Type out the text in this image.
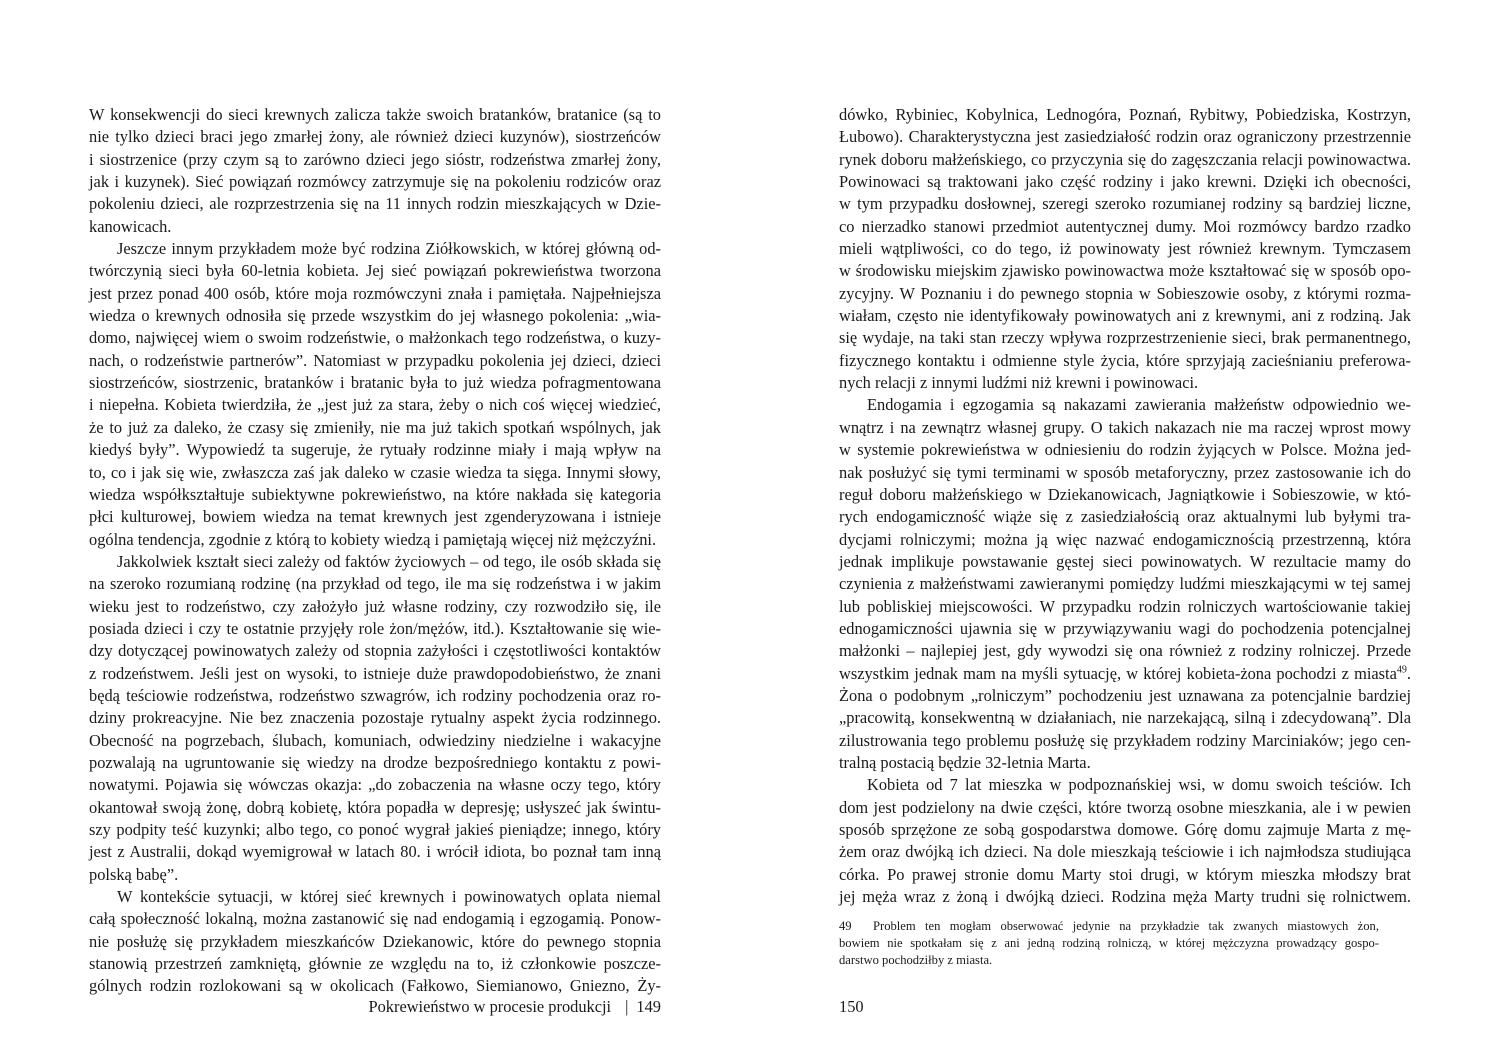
W konsekwencji do sieci krewnych zalicza także swoich bratanków, bratanice (są to
nie tylko dzieci braci jego zmarłej żony, ale również dzieci kuzynów), siostrzeńców
i siostrzenice (przy czym są to zarówno dzieci jego sióstr, rodzeństwa zmarłej żony,
jak i kuzynek). Sieć powiązań rozmówcy zatrzymuje się na pokoleniu rodziców oraz
pokoleniu dzieci, ale rozprzestrzenia się na 11 innych rodzin mieszkających w Dzie-
kanowicach.
Jeszcze innym przykładem może być rodzina Ziółkowskich, w której główną od-
twórczynią sieci była 60-letnia kobieta. Jej sieć powiązań pokrewieństwa tworzona
jest przez ponad 400 osób, które moja rozmówczyni znała i pamiętała. Najpełniejsza
wiedza o krewnych odnosiła się przede wszystkim do jej własnego pokolenia: „wia-
domo, najwięcej wiem o swoim rodzeństwie, o małżonkach tego rodzeństwa, o kuzy-
nach, o rodzeństwie partnerów”. Natomiast w przypadku pokolenia jej dzieci, dzieci
siostrzeńców, siostrzenic, bratanków i bratanic była to już wiedza pofragmentowana
i niepełna. Kobieta twierdziła, że „jest już za stara, żeby o nich coś więcej wiedzieć,
że to już za daleko, że czasy się zmieniły, nie ma już takich spotkań wspólnych, jak
kiedyś były”. Wypowiedź ta sugeruje, że rytuały rodzinne miały i mają wpływ na
to, co i jak się wie, zwłaszcza zaś jak daleko w czasie wiedza ta sięga. Innymi słowy,
wiedza współkształtuje subiektywne pokrewieństwo, na które nakłada się kategoria
płci kulturowej, bowiem wiedza na temat krewnych jest zgenderyzowana i istnieje
ogólna tendencja, zgodnie z którą to kobiety wiedzą i pamiętają więcej niż mężczyźni.
Jakkolwiek kształt sieci zależy od faktów życiowych – od tego, ile osób składa się
na szeroko rozumianą rodzinę (na przykład od tego, ile ma się rodzeństwa i w jakim
wieku jest to rodzeństwo, czy założyło już własne rodziny, czy rozwodziło się, ile
posiada dzieci i czy te ostatnie przyjęły role żon/mężów, itd.). Kształtowanie się wie-
dzy dotyczącej powinowatych zależy od stopnia zażyłości i częstotliwości kontaktów
z rodzeństwem. Jeśli jest on wysoki, to istnieje duże prawdopodobieństwo, że znani
będą teściowie rodzeństwa, rodzeństwo szwagrów, ich rodziny pochodzenia oraz ro-
dziny prokreacyjne. Nie bez znaczenia pozostaje rytualny aspekt życia rodzinnego.
Obecność na pogrzebach, ślubach, komuniach, odwiedziny niedzielne i wakacyjne
pozwalają na ugruntowanie się wiedzy na drodze bezpośredniego kontaktu z powi-
nowatymi. Pojawia się wówczas okazja: „do zobaczenia na własne oczy tego, który
okantował swoją żonę, dobrą kobietę, która popadła w depresję; usłyszeć jak świntu-
szy podpity teść kuzynki; albo tego, co ponoć wygrał jakieś pieniądze; innego, który
jest z Australii, dokąd wyemigrował w latach 80. i wrócił idiota, bo poznał tam inną
polską babę”.
W kontekście sytuacji, w której sieć krewnych i powinowatych oplata niemal
całą społeczność lokalną, można zastanowić się nad endogamią i egzogamią. Ponow-
nie posłużę się przykładem mieszkańców Dziekanowic, które do pewnego stopnia
stanowią przestrzeń zamkniętą, głównie ze względu na to, iż członkowie poszcze-
gólnych rodzin rozlokowani są w okolicach (Fałkowo, Siemianowo, Gniezno, Ży-
dówko, Rybiniec, Kobylnica, Lednogóra, Poznań, Rybitwy, Pobiedziska, Kostrzyn,
Łubowo). Charakterystyczna jest zasiedziałość rodzin oraz ograniczony przestrzennie
rynek doboru małżeńskiego, co przyczynia się do zagęszczania relacji powinowactwa.
Powinowaci są traktowani jako część rodziny i jako krewni. Dzięki ich obecności,
w tym przypadku dosłownej, szeregi szeroko rozumianej rodziny są bardziej liczne,
co nierzadko stanowi przedmiot autentycznej dumy. Moi rozmówcy bardzo rzadko
mieli wątpliwości, co do tego, iż powinowaty jest również krewnym. Tymczasem
w środowisku miejskim zjawisko powinowactwa może kształtować się w sposób opo-
zycyjny. W Poznaniu i do pewnego stopnia w Sobieszowie osoby, z którymi rozma-
wiałam, często nie identyfikowały powinowatych ani z krewnymi, ani z rodziną. Jak
się wydaje, na taki stan rzeczy wpływa rozprzestrzenienie sieci, brak permanentnego,
fizycznego kontaktu i odmienne style życia, które sprzyjają zacieśnianiu preferowa-
nych relacji z innymi ludźmi niż krewni i powinowaci.
Endogamia i egzogamia są nakazami zawierania małżeństw odpowiednio we-
wnątrz i na zewnątrz własnej grupy. O takich nakazach nie ma raczej wprost mowy
w systemie pokrewieństwa w odniesieniu do rodzin żyjących w Polsce. Można jed-
nak posłużyć się tymi terminami w sposób metaforyczny, przez zastosowanie ich do
reguł doboru małżeńskiego w Dziekanowicach, Jagniątkowie i Sobieszowie, w któ-
rych endogamiczność wiąże się z zasiedziałością oraz aktualnymi lub byłymi tra-
dycjami rolniczymi; można ją więc nazwać endogamicznością przestrzenną, która
jednak implikuje powstawanie gęstej sieci powinowatych. W rezultacie mamy do
czynienia z małżeństwami zawieranymi pomiędzy ludźmi mieszkającymi w tej samej
lub pobliskiej miejscowości. W przypadku rodzin rolniczych wartościowanie takiej
ednogamiczności ujawnia się w przywiązywaniu wagi do pochodzenia potencjalnej
małżonki – najlepiej jest, gdy wywodzi się ona również z rodziny rolniczej. Przede
wszystkim jednak mam na myśli sytuację, w której kobieta-żona pochodzi z miasta$^{49}$.
Żona o podobnym „rolniczym” pochodzeniu jest uznawana za potencjalnie bardziej
„pracowitą, konsekwentną w działaniach, nie narzekającą, silną i zdecydowaną”. Dla
zilustrowania tego problemu posłużę się przykładem rodziny Marciniaków; jego cen-
tralną postacią będzie 32-letnia Marta.
Kobieta od 7 lat mieszka w podpoznańskiej wsi, w domu swoich teściów. Ich
dom jest podzielony na dwie części, które tworzą osobne mieszkania, ale i w pewien
sposób sprzężone ze sobą gospodarstwa domowe. Górę domu zajmuje Marta z mę-
żem oraz dwójką ich dzieci. Na dole mieszkają teściowie i ich najmłodsza studiująca
córka. Po prawej stronie domu Marty stoi drugi, w którym mieszka młodszy brat
jej męża wraz z żoną i dwójką dzieci. Rodzina męża Marty trudni się rolnictwem.
49 Problem ten mogłam obserwować jedynie na przykładzie tak zwanych miastowych żon,
bowiem nie spotkałam się z ani jedną rodziną rolniczą, w której mężczyzna prowadzący gospo-
darstwo pochodziłby z miasta.
Pokrewieństwo w procesie produkcji | 149	150
